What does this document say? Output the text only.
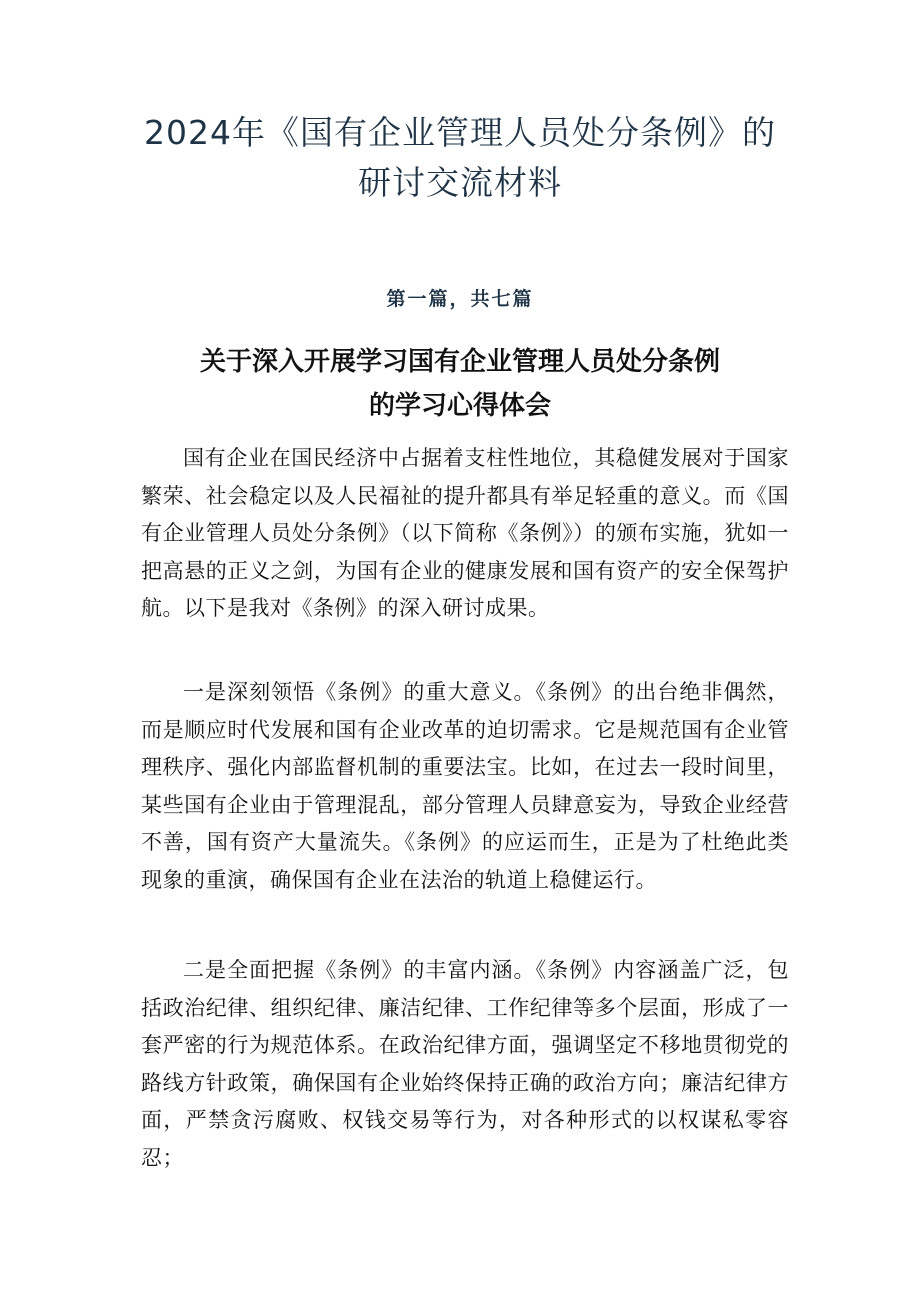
2024年《国有企业管理人员处分条例》的
研讨交流材料
第一篇，共七篇
关于深入开展学习国有企业管理人员处分条例
的学习心得体会

国有企业在国民经济中占据着支柱性地位，其稳健发展对于国家繁荣、社会稳定以及人民福祉的提升都具有举足轻重的意义。而《国有企业管理人员处分条例》（以下简称《条例》）的颁布实施，犹如一把高悬的正义之剑，为国有企业的健康发展和国有资产的安全保驾护航。以下是我对《条例》的深入研讨成果。

一是深刻领悟《条例》的重大意义。《条例》的出台绝非偶然，而是顺应时代发展和国有企业改革的迫切需求。它是规范国有企业管理秩序、强化内部监督机制的重要法宝。比如，在过去一段时间里，某些国有企业由于管理混乱，部分管理人员肆意妄为，导致企业经营不善，国有资产大量流失。《条例》的应运而生，正是为了杜绝此类现象的重演，确保国有企业在法治的轨道上稳健运行。

二是全面把握《条例》的丰富内涵。《条例》内容涵盖广泛，包括政治纪律、组织纪律、廉洁纪律、工作纪律等多个层面，形成了一套严密的行为规范体系。在政治纪律方面，强调坚定不移地贯彻党的路线方针政策，确保国有企业始终保持正确的政治方向；廉洁纪律方面，严禁贪污腐败、权钱交易等行为，对各种形式的以权谋私零容忍；
